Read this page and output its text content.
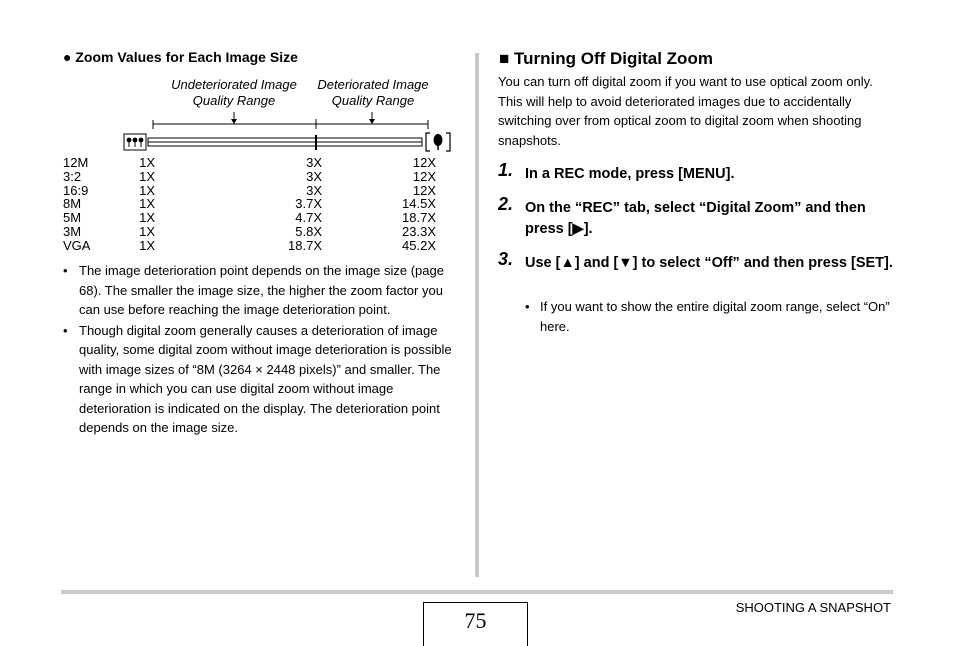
● Zoom Values for Each Image Size
Undeteriorated Image
Quality Range
Deteriorated Image
Quality Range
12M	1X	3X	12X
3:2	1X	3X	12X
16:9	1X	3X	12X
8M	1X	3.7X	14.5X
5M	1X	4.7X	18.7X
3M	1X	5.8X	23.3X
VGA	1X	18.7X	45.2X
• The image deterioration point depends on the image size (page 68). The smaller the image size, the higher the zoom factor you can use before reaching the image deterioration point.
• Though digital zoom generally causes a deterioration of image quality, some digital zoom without image deterioration is possible with image sizes of “8M (3264 × 2448 pixels)” and smaller. The range in which you can use digital zoom without image deterioration is indicated on the display. The deterioration point depends on the image size.
■ Turning Off Digital Zoom
You can turn off digital zoom if you want to use optical zoom only. This will help to avoid deteriorated images due to accidentally switching over from optical zoom to digital zoom when shooting snapshots.
1. In a REC mode, press [MENU].
2. On the “REC” tab, select “Digital Zoom” and then press [▶].
3. Use [▲] and [▼] to select “Off” and then press [SET].
• If you want to show the entire digital zoom range, select “On” here.
75
SHOOTING A SNAPSHOT
